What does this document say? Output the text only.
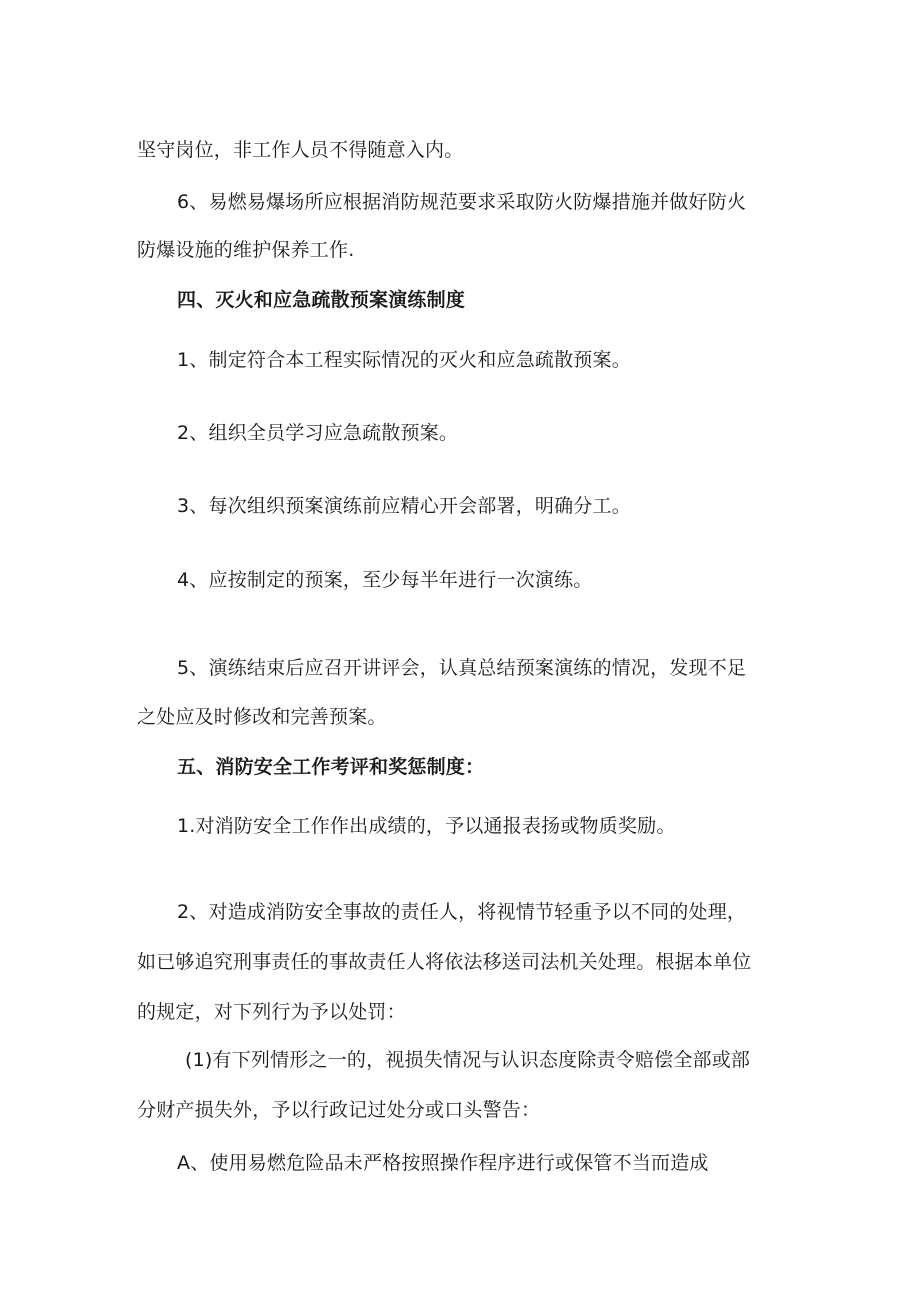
坚守岗位，非工作人员不得随意入内。

6、易燃易爆场所应根据消防规范要求采取防火防爆措施并做好防火

防爆设施的维护保养工作.

四、灭火和应急疏散预案演练制度

1、制定符合本工程实际情况的灭火和应急疏散预案。

2、组织全员学习应急疏散预案。

3、每次组织预案演练前应精心开会部署，明确分工。

4、应按制定的预案，至少每半年进行一次演练。

5、演练结束后应召开讲评会，认真总结预案演练的情况，发现不足

之处应及时修改和完善预案。

五、消防安全工作考评和奖惩制度：

1.对消防安全工作作出成绩的，予以通报表扬或物质奖励。

2、对造成消防安全事故的责任人，将视情节轻重予以不同的处理，

如已够追究刑事责任的事故责任人将依法移送司法机关处理。根据本单位

的规定，对下列行为予以处罚：

(1)有下列情形之一的，视损失情况与认识态度除责令赔偿全部或部

分财产损失外，予以行政记过处分或口头警告：

A、使用易燃危险品未严格按照操作程序进行或保管不当而造成
